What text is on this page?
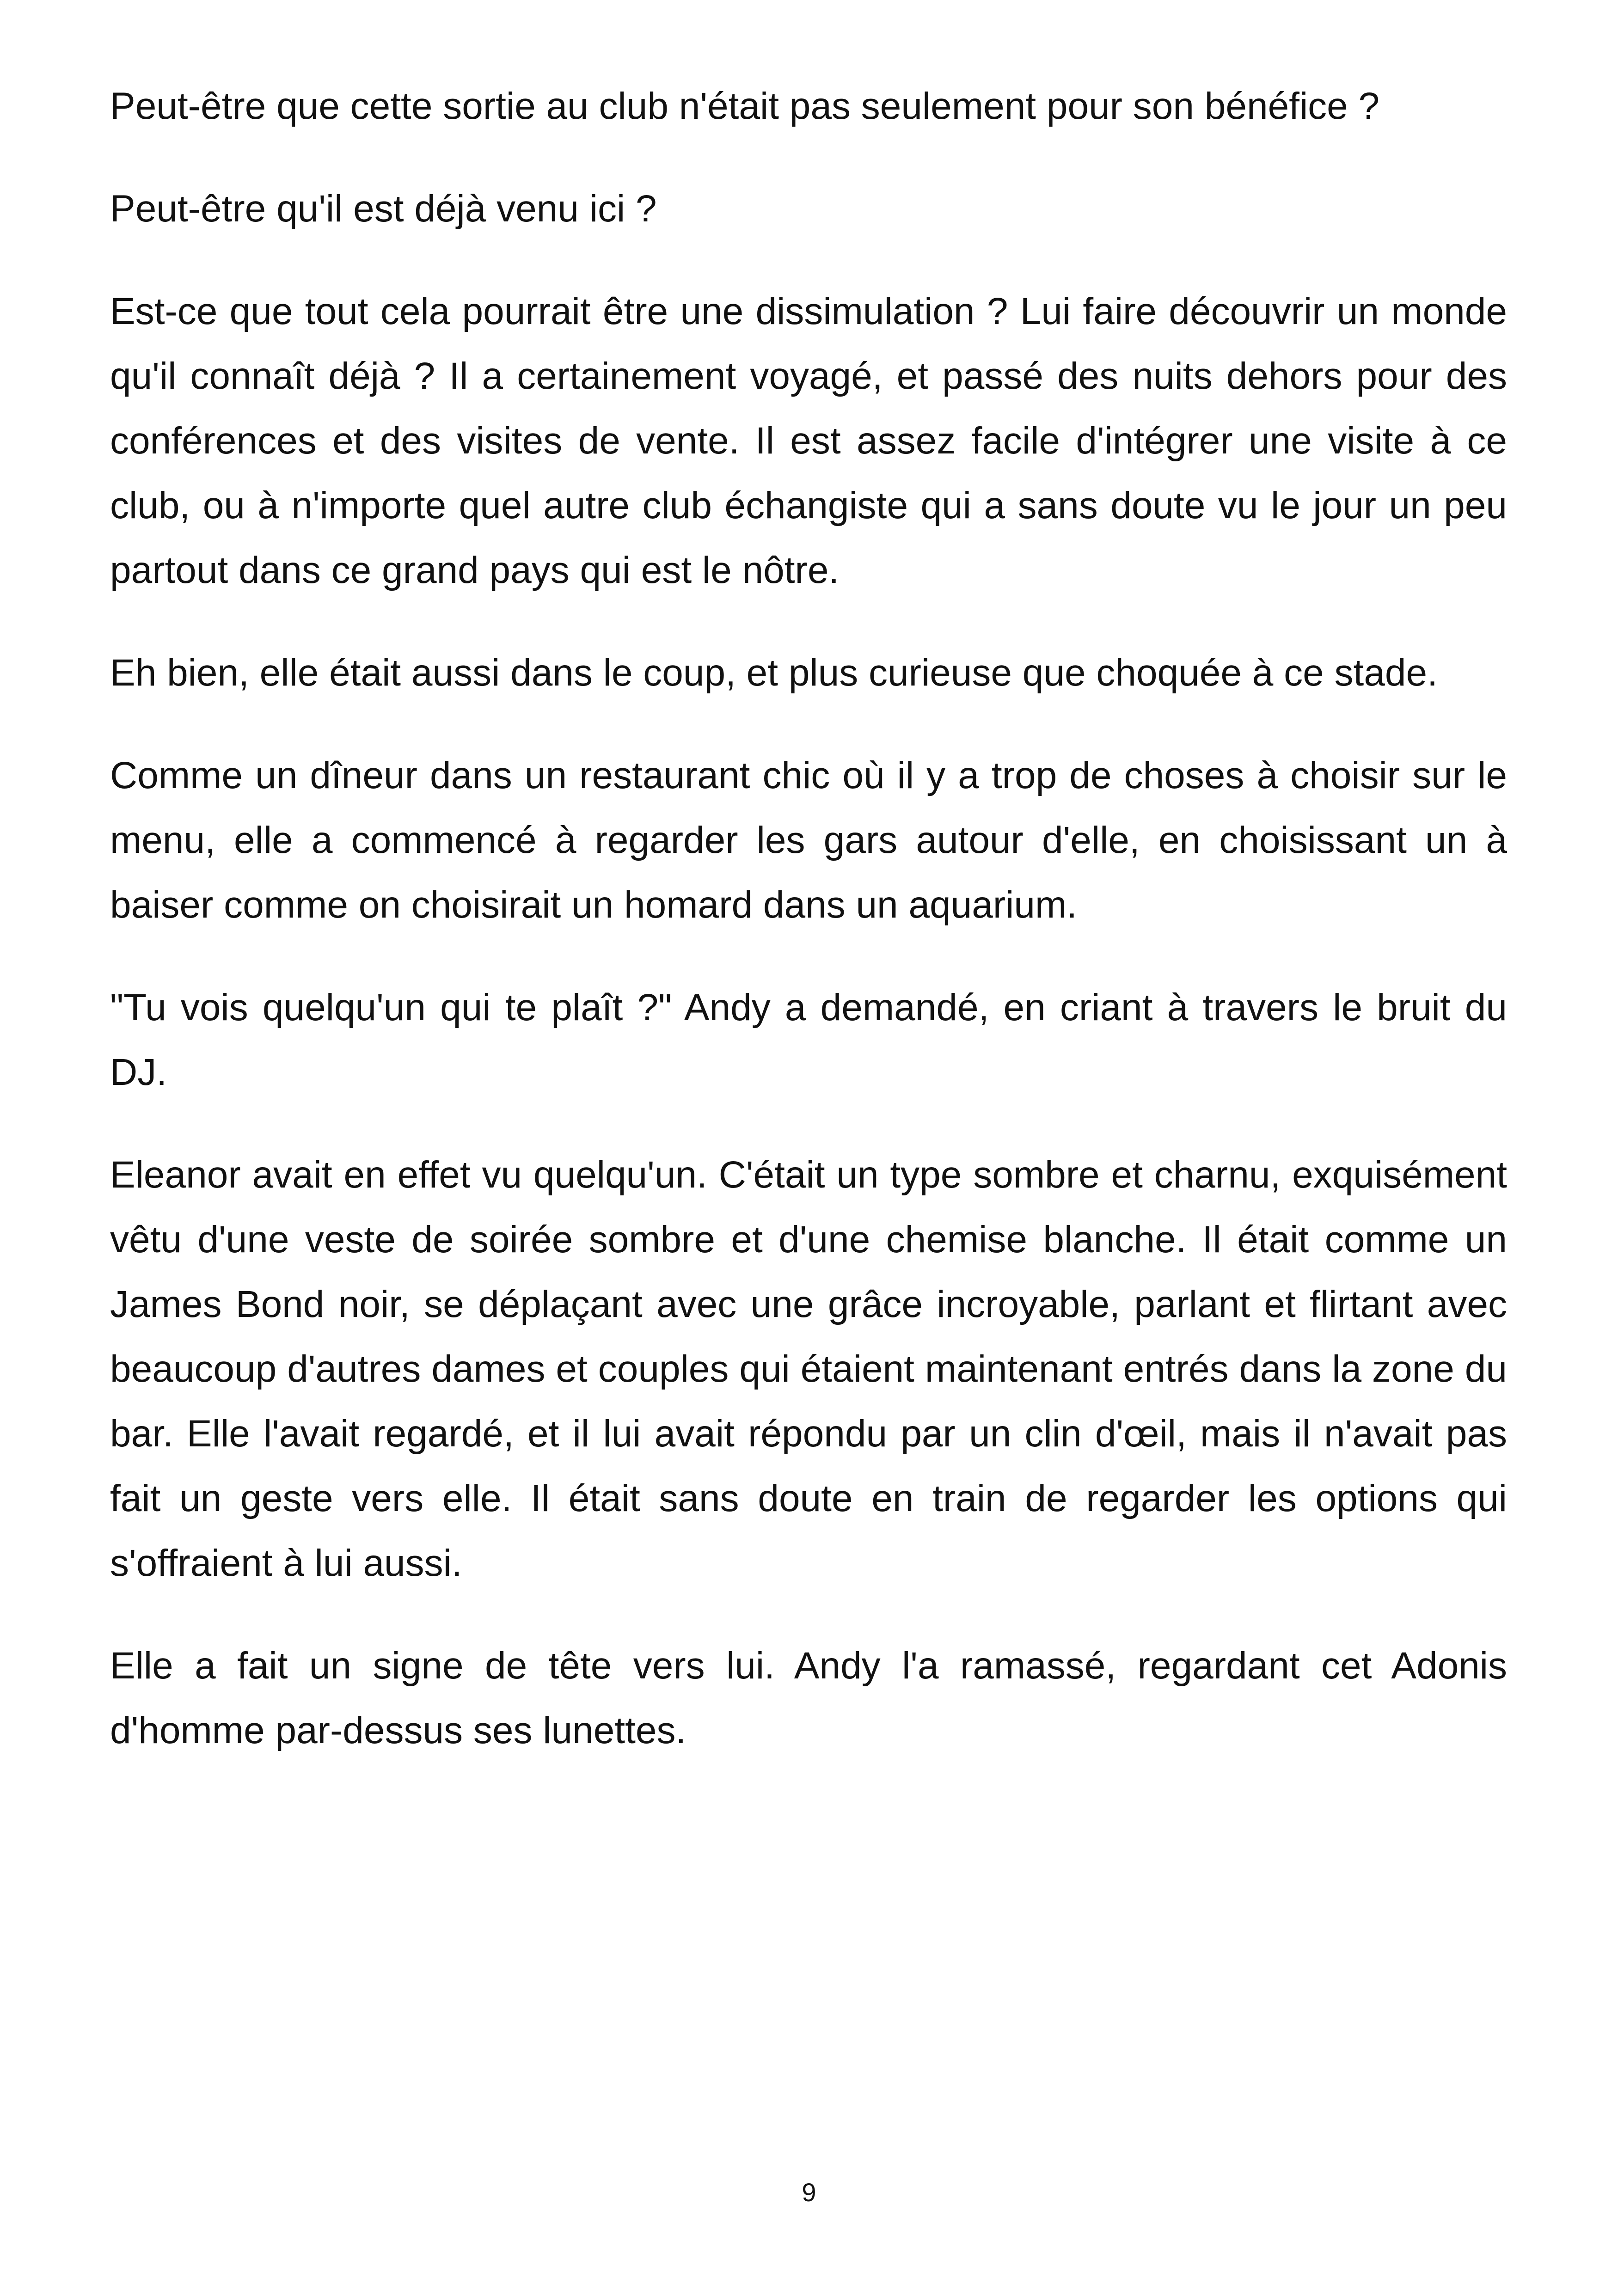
Peut-être que cette sortie au club n'était pas seulement pour son bénéfice ?

Peut-être qu'il est déjà venu ici ?

Est-ce que tout cela pourrait être une dissimulation ? Lui faire découvrir un monde qu'il connaît déjà ? Il a certainement voyagé, et passé des nuits dehors pour des conférences et des visites de vente. Il est assez facile d'intégrer une visite à ce club, ou à n'importe quel autre club échangiste qui a sans doute vu le jour un peu partout dans ce grand pays qui est le nôtre.

Eh bien, elle était aussi dans le coup, et plus curieuse que choquée à ce stade.

Comme un dîneur dans un restaurant chic où il y a trop de choses à choisir sur le menu, elle a commencé à regarder les gars autour d'elle, en choisissant un à baiser comme on choisirait un homard dans un aquarium.

"Tu vois quelqu'un qui te plaît ?" Andy a demandé, en criant à travers le bruit du DJ.

Eleanor avait en effet vu quelqu'un. C'était un type sombre et charnu, exquisément vêtu d'une veste de soirée sombre et d'une chemise blanche. Il était comme un James Bond noir, se déplaçant avec une grâce incroyable, parlant et flirtant avec beaucoup d'autres dames et couples qui étaient maintenant entrés dans la zone du bar. Elle l'avait regardé, et il lui avait répondu par un clin d'œil, mais il n'avait pas fait un geste vers elle. Il était sans doute en train de regarder les options qui s'offraient à lui aussi.

Elle a fait un signe de tête vers lui. Andy l'a ramassé, regardant cet Adonis d'homme par-dessus ses lunettes.

9
